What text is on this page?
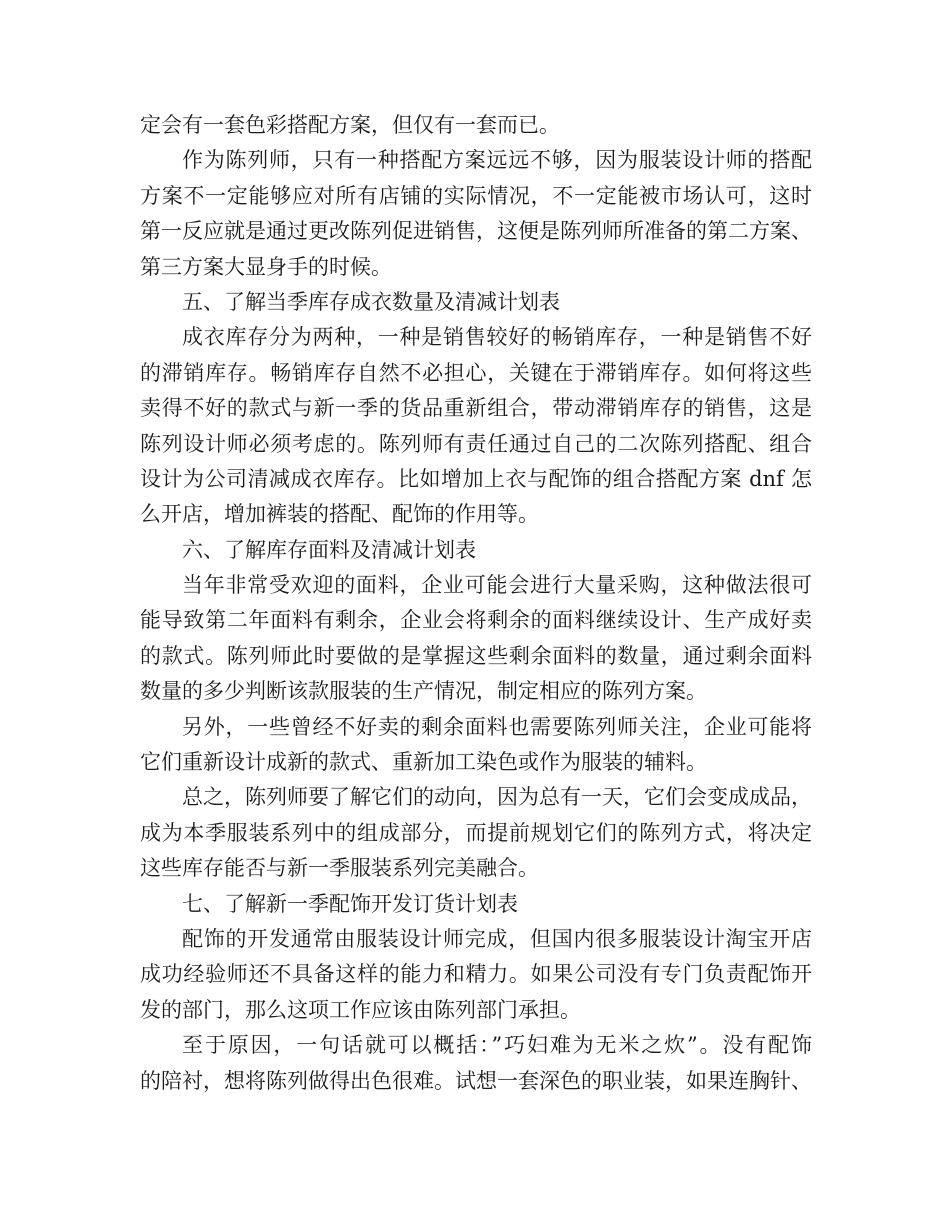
定会有一套色彩搭配方案，但仅有一套而已。
作为陈列师，只有一种搭配方案远远不够，因为服装设计师的搭配
方案不一定能够应对所有店铺的实际情况，不一定能被市场认可，这时
第一反应就是通过更改陈列促进销售，这便是陈列师所准备的第二方案、
第三方案大显身手的时候。
五、了解当季库存成衣数量及清减计划表
成衣库存分为两种，一种是销售较好的畅销库存，一种是销售不好
的滞销库存。畅销库存自然不必担心，关键在于滞销库存。如何将这些
卖得不好的款式与新一季的货品重新组合，带动滞销库存的销售，这是
陈列设计师必须考虑的。陈列师有责任通过自己的二次陈列搭配、组合
设计为公司清减成衣库存。比如增加上衣与配饰的组合搭配方案 dnf 怎
么开店，增加裤装的搭配、配饰的作用等。
六、了解库存面料及清减计划表
当年非常受欢迎的面料，企业可能会进行大量采购，这种做法很可
能导致第二年面料有剩余，企业会将剩余的面料继续设计、生产成好卖
的款式。陈列师此时要做的是掌握这些剩余面料的数量，通过剩余面料
数量的多少判断该款服装的生产情况，制定相应的陈列方案。
另外，一些曾经不好卖的剩余面料也需要陈列师关注，企业可能将
它们重新设计成新的款式、重新加工染色或作为服装的辅料。
总之，陈列师要了解它们的动向，因为总有一天，它们会变成成品，
成为本季服装系列中的组成部分，而提前规划它们的陈列方式，将决定
这些库存能否与新一季服装系列完美融合。
七、了解新一季配饰开发订货计划表
配饰的开发通常由服装设计师完成，但国内很多服装设计淘宝开店
成功经验师还不具备这样的能力和精力。如果公司没有专门负责配饰开
发的部门，那么这项工作应该由陈列部门承担。
至于原因，一句话就可以概括：”巧妇难为无米之炊”。没有配饰
的陪衬，想将陈列做得出色很难。试想一套深色的职业装，如果连胸针、
